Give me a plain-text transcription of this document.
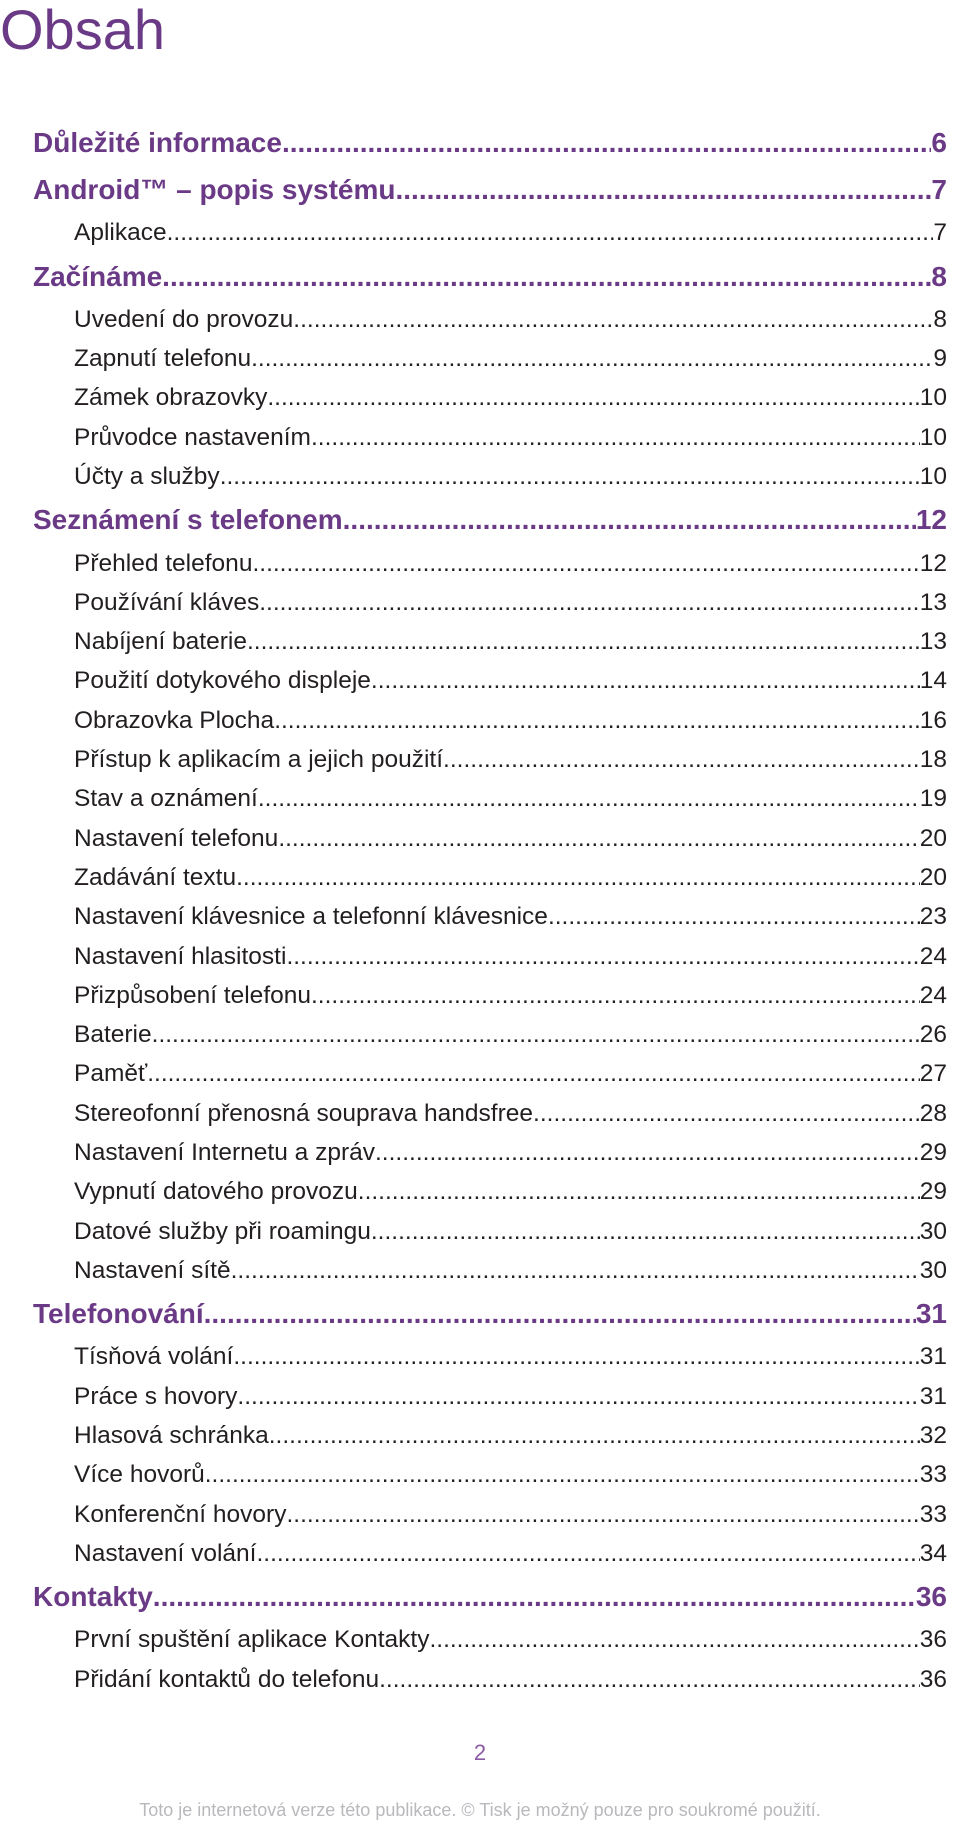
Obsah
Důležité informace .....	6
Android™ – popis systému .....	7
Aplikace .....	7
Začínáme .....	8
Uvedení do provozu .....	8
Zapnutí telefonu .....	9
Zámek obrazovky .....	10
Průvodce nastavením .....	10
Účty a služby .....	10
Seznámení s telefonem .....	12
Přehled telefonu .....	12
Používání kláves .....	13
Nabíjení baterie .....	13
Použití dotykového displeje .....	14
Obrazovka Plocha .....	16
Přístup k aplikacím a jejich použití .....	18
Stav a oznámení .....	19
Nastavení telefonu .....	20
Zadávání textu .....	20
Nastavení klávesnice a telefonní klávesnice .....	23
Nastavení hlasitosti .....	24
Přizpůsobení telefonu .....	24
Baterie .....	26
Paměť .....	27
Stereofonní přenosná souprava handsfree .....	28
Nastavení Internetu a zpráv .....	29
Vypnutí datového provozu .....	29
Datové služby při roamingu .....	30
Nastavení sítě .....	30
Telefonování .....	31
Tísňová volání .....	31
Práce s hovory .....	31
Hlasová schránka .....	32
Více hovorů .....	33
Konferenční hovory .....	33
Nastavení volání .....	34
Kontakty .....	36
První spuštění aplikace Kontakty .....	36
Přidání kontaktů do telefonu .....	36
2
Toto je internetová verze této publikace. © Tisk je možný pouze pro soukromé použití.
